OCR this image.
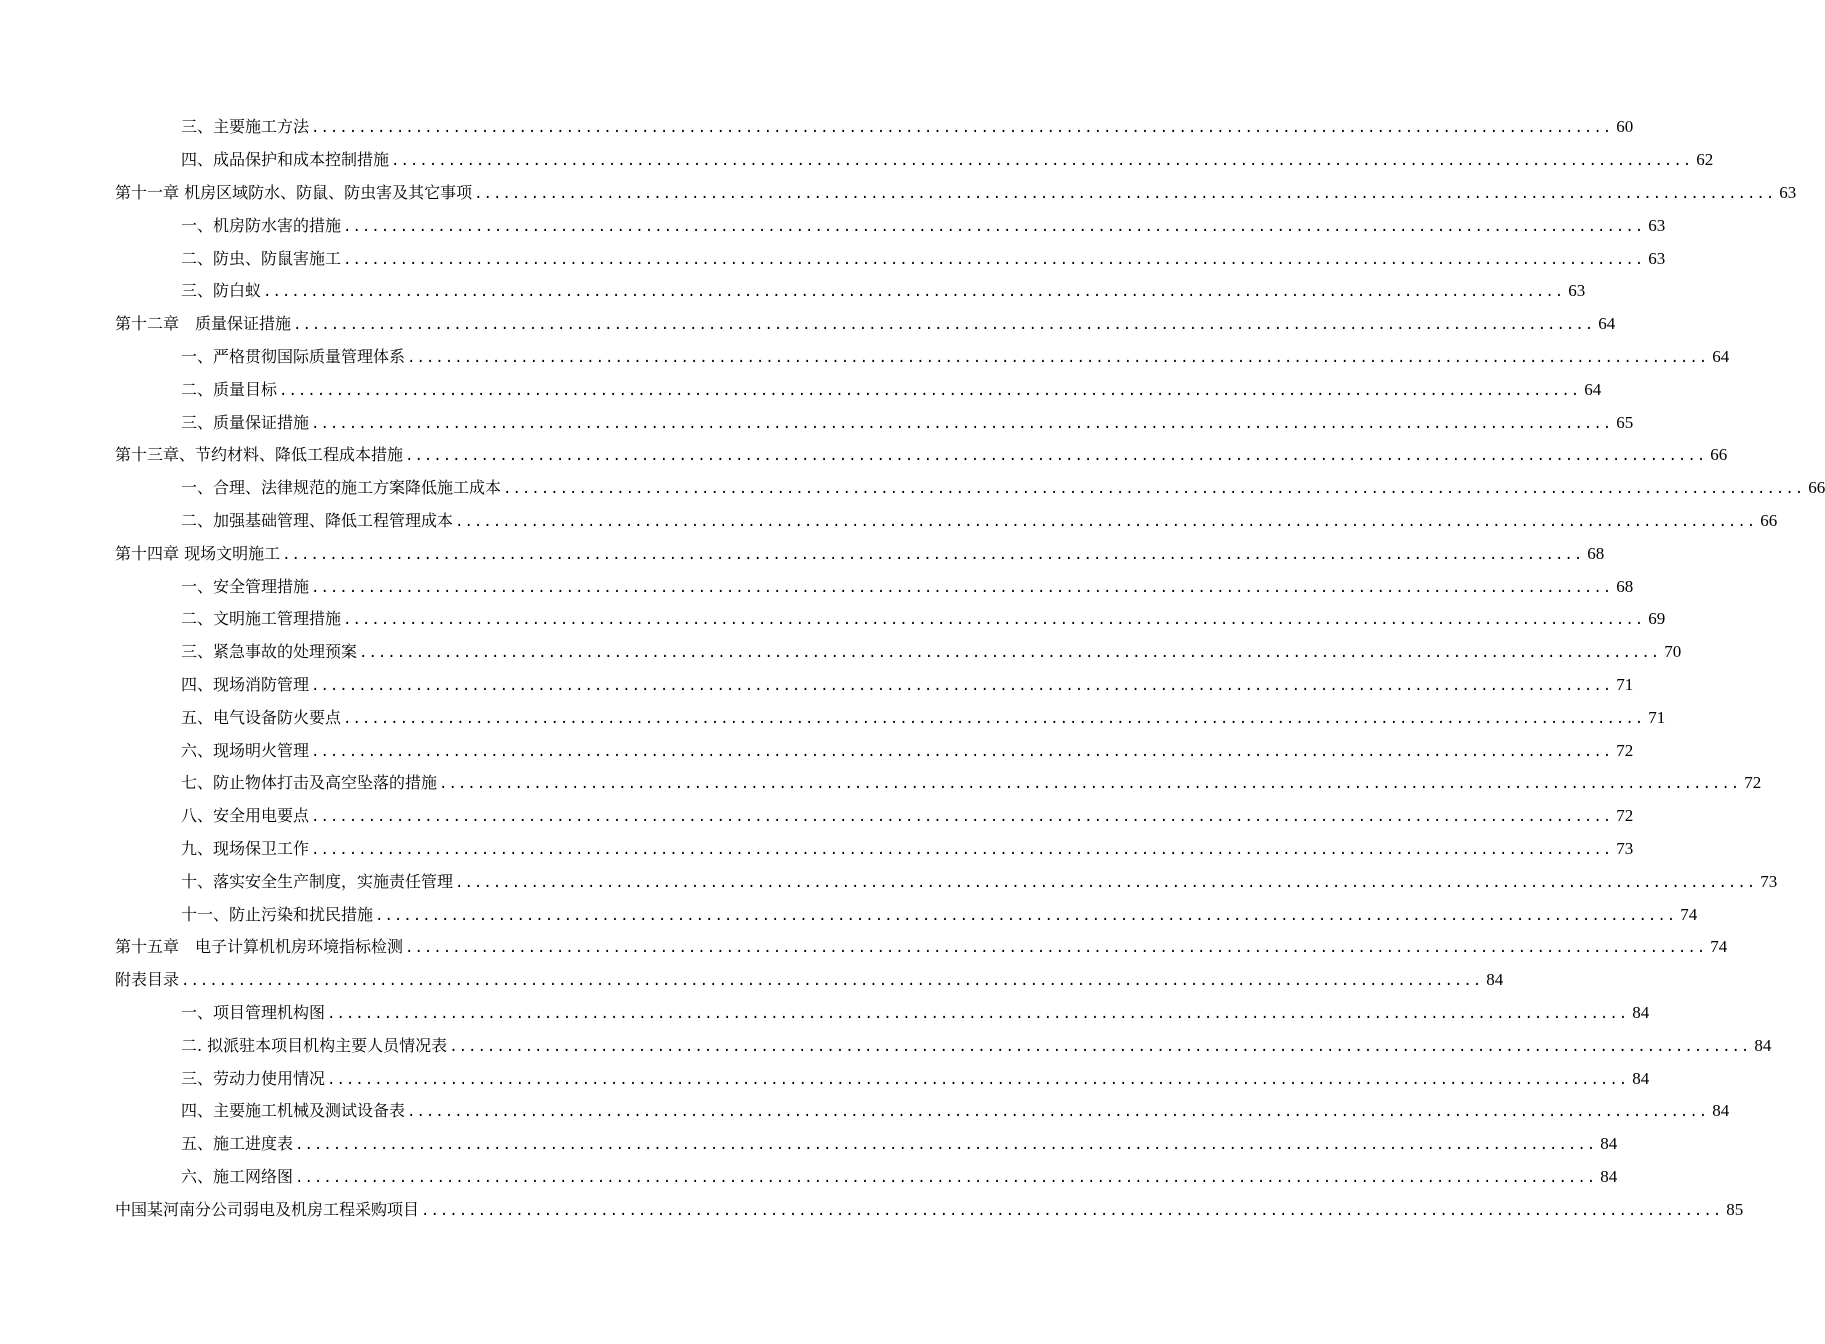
三、主要施工方法 .......................................................................................................................................... 60
四、成品保护和成本控制措施 .......................................................................................................................................... 62
第十一章 机房区域防水、防鼠、防虫害及其它事项 .......................................................................................................................................... 63
一、机房防水害的措施 .......................................................................................................................................... 63
二、防虫、防鼠害施工 .......................................................................................................................................... 63
三、防白蚁 .......................................................................................................................................... 63
第十二章　质量保证措施 .......................................................................................................................................... 64
一、严格贯彻国际质量管理体系 .......................................................................................................................................... 64
二、质量目标 .......................................................................................................................................... 64
三、质量保证措施 .......................................................................................................................................... 65
第十三章、节约材料、降低工程成本措施 .......................................................................................................................................... 66
一、合理、法律规范的施工方案降低施工成本 .......................................................................................................................................... 66
二、加强基础管理、降低工程管理成本 .......................................................................................................................................... 66
第十四章 现场文明施工 .......................................................................................................................................... 68
一、安全管理措施 .......................................................................................................................................... 68
二、文明施工管理措施 .......................................................................................................................................... 69
三、紧急事故的处理预案 .......................................................................................................................................... 70
四、现场消防管理 .......................................................................................................................................... 71
五、电气设备防火要点 .......................................................................................................................................... 71
六、现场明火管理 .......................................................................................................................................... 72
七、防止物体打击及高空坠落的措施 .......................................................................................................................................... 72
八、安全用电要点 .......................................................................................................................................... 72
九、现场保卫工作 .......................................................................................................................................... 73
十、落实安全生产制度，实施责任管理 .......................................................................................................................................... 73
十一、防止污染和扰民措施 .......................................................................................................................................... 74
第十五章　电子计算机机房环境指标检测 .......................................................................................................................................... 74
附表目录 .......................................................................................................................................... 84
一、项目管理机构图 .......................................................................................................................................... 84
二. 拟派驻本项目机构主要人员情况表 .......................................................................................................................................... 84
三、劳动力使用情况 .......................................................................................................................................... 84
四、主要施工机械及测试设备表 .......................................................................................................................................... 84
五、施工进度表 .......................................................................................................................................... 84
六、施工网络图 .......................................................................................................................................... 84
中国某河南分公司弱电及机房工程采购项目 .......................................................................................................................................... 85
